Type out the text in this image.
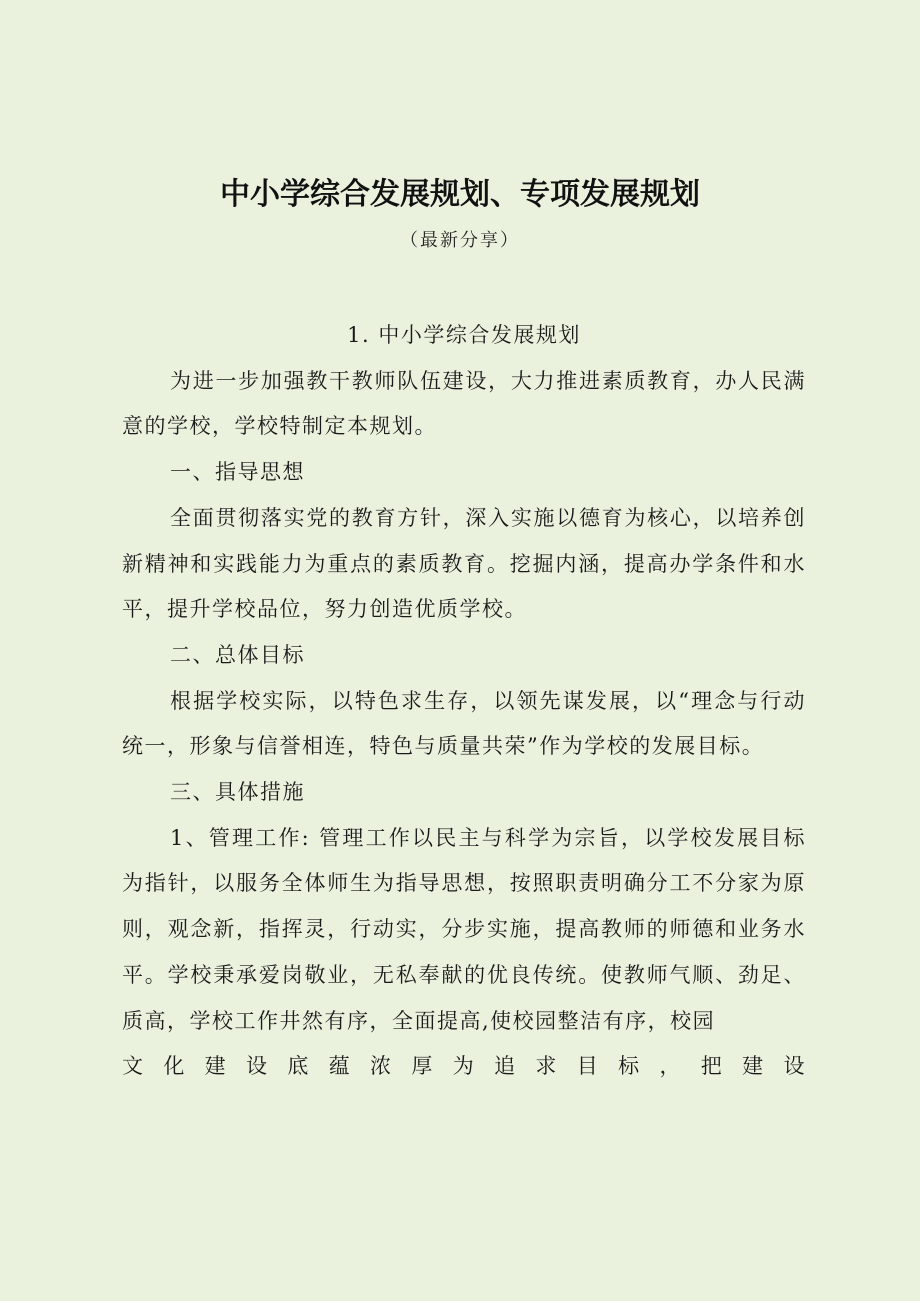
中小学综合发展规划、专项发展规划
（最新分享）

1. 中小学综合发展规划

为进一步加强教干教师队伍建设，大力推进素质教育，办人民满意的学校，学校特制定本规划。

一、指导思想

全面贯彻落实党的教育方针，深入实施以德育为核心，以培养创新精神和实践能力为重点的素质教育。挖掘内涵，提高办学条件和水平，提升学校品位，努力创造优质学校。

二、总体目标

根据学校实际，以特色求生存，以领先谋发展，以“理念与行动统一，形象与信誉相连，特色与质量共荣”作为学校的发展目标。

三、具体措施

1、管理工作: 管理工作以民主与科学为宗旨，以学校发展目标为指针，以服务全体师生为指导思想，按照职责明确分工不分家为原则，观念新，指挥灵，行动实，分步实施，提高教师的师德和业务水平。学校秉承爱岗敬业，无私奉献的优良传统。使教师气顺、劲足、质高，学校工作井然有序，全面提高,使校园整洁有序，校园

文​化​建​设​底​蕴​浓​厚​为​追​求​目​标​，​把​建​设
